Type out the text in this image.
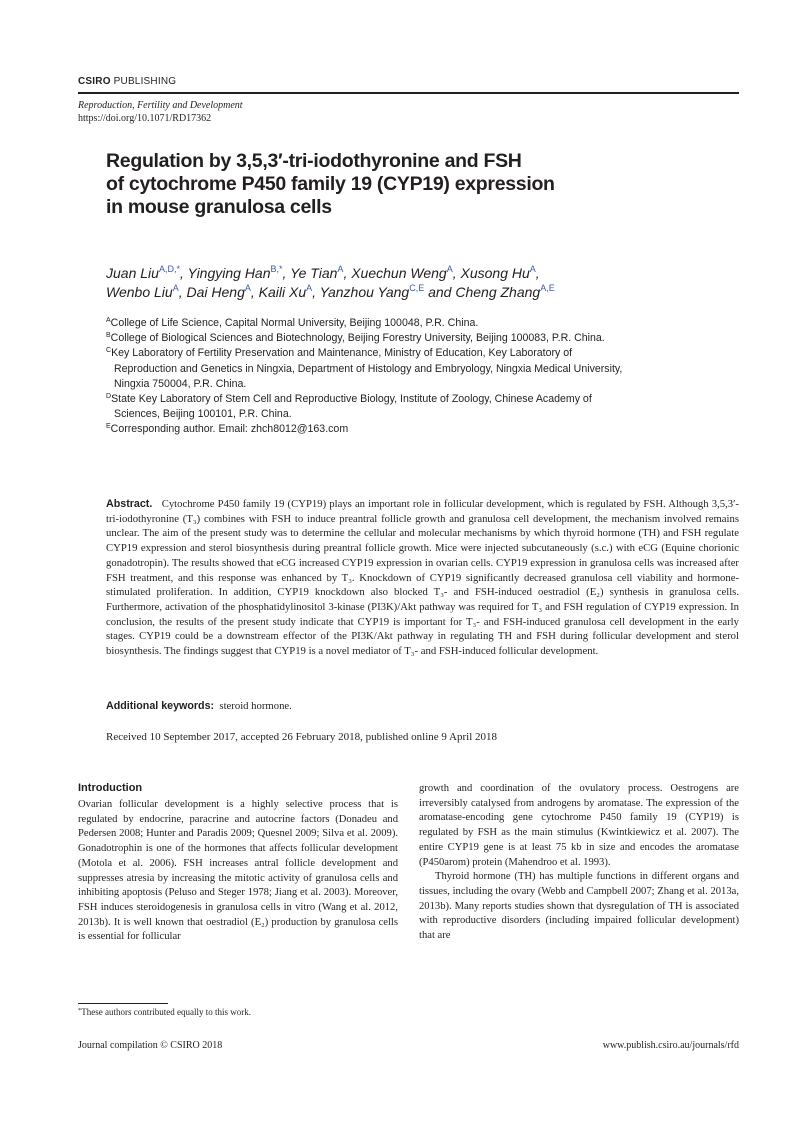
CSIRO PUBLISHING
Reproduction, Fertility and Development
https://doi.org/10.1071/RD17362
Regulation by 3,5,3′-tri-iodothyronine and FSH
of cytochrome P450 family 19 (CYP19) expression
in mouse granulosa cells
Juan Liu$^{A,D,*}$, Yingying Han$^{B,*}$, Ye Tian$^A$, Xuechun Weng$^A$, Xusong $Hu^A$,
Wenbo Liu$^A$, Dai Heng$^A$, Kaili $Xu^A$, Yanzhou Yang$^{C,E}$ and Cheng Zhang$^{A,E}$
$^A$College of Life Science, Capital Normal University, Beijing 100048, P.R. China.
$^B$College of Biological Sciences and Biotechnology, Beijing Forestry University, Beijing 100083, P.R. China.
$^C$Key Laboratory of Fertility Preservation and Maintenance, Ministry of Education, Key Laboratory of Reproduction and Genetics in Ningxia, Department of Histology and Embryology, Ningxia Medical University, Ningxia 750004, P.R. China.
$^D$State Key Laboratory of Stem Cell and Reproductive Biology, Institute of Zoology, Chinese Academy of Sciences, Beijing 100101, P.R. China.
$^E$Corresponding author. Email: zhch8012@163.com
Abstract. Cytochrome P450 family 19 (CYP19) plays an important role in follicular development, which is regulated by FSH. Although 3,5,3′-tri-iodothyronine (T₃) combines with FSH to induce preantral follicle growth and granulosa cell development, the mechanism involved remains unclear. The aim of the present study was to determine the cellular and molecular mechanisms by which thyroid hormone (TH) and FSH regulate CYP19 expression and sterol biosynthesis during preantral follicle growth. Mice were injected subcutaneously (s.c.) with eCG (Equine chorionic gonadotropin). The results showed that eCG increased CYP19 expression in ovarian cells. CYP19 expression in granulosa cells was increased after FSH treatment, and this response was enhanced by T₃. Knockdown of CYP19 significantly decreased granulosa cell viability and hormone-stimulated proliferation. In addition, CYP19 knockdown also blocked T₃- and FSH-induced oestradiol (E₂) synthesis in granulosa cells. Furthermore, activation of the phosphatidylinositol 3-kinase (PI3K)/Akt pathway was required for T₃ and FSH regulation of CYP19 expression. In conclusion, the results of the present study indicate that CYP19 is important for T₃- and FSH-induced granulosa cell development in the early stages. CYP19 could be a downstream effector of the PI3K/Akt pathway in regulating TH and FSH during follicular development and sterol biosynthesis. The findings suggest that CYP19 is a novel mediator of T₃- and FSH-induced follicular development.
Additional keywords: steroid hormone.
Received 10 September 2017, accepted 26 February 2018, published online 9 April 2018
Introduction
Ovarian follicular development is a highly selective process that is regulated by endocrine, paracrine and autocrine factors (Donadeu and Pedersen 2008; Hunter and Paradis 2009; Quesnel 2009; Silva et al. 2009). Gonadotrophin is one of the hormones that affects follicular development (Motola et al. 2006). FSH increases antral follicle development and suppresses atresia by increasing the mitotic activity of granulosa cells and inhibiting apoptosis (Peluso and Steger 1978; Jiang et al. 2003). Moreover, FSH induces steroidogenesis in granulosa cells in vitro (Wang et al. 2012, 2013b). It is well known that oestradiol (E₂) production by granulosa cells is essential for follicular
growth and coordination of the ovulatory process. Oestrogens are irreversibly catalysed from androgens by aromatase. The expression of the aromatase-encoding gene cytochrome P450 family 19 (CYP19) is regulated by FSH as the main stimulus (Kwintkiewicz et al. 2007). The entire CYP19 gene is at least 75 kb in size and encodes the aromatase (P450arom) protein (Mahendroo et al. 1993).
Thyroid hormone (TH) has multiple functions in different organs and tissues, including the ovary (Webb and Campbell 2007; Zhang et al. 2013a, 2013b). Many reports studies shown that dysregulation of TH is associated with reproductive disorders (including impaired follicular development) that are
*These authors contributed equally to this work.
Journal compilation © CSIRO 2018	www.publish.csiro.au/journals/rfd
